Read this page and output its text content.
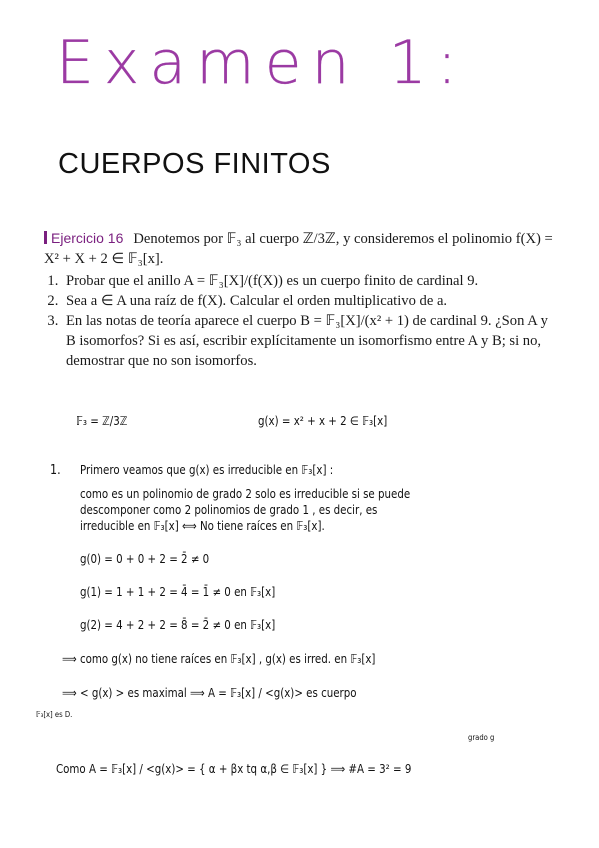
Examen 1:
CUERPOS FINITOS
Ejercicio 16 Denotemos por 𝔽₃ al cuerpo ℤ/3ℤ, y consideremos el polinomio f(X) = X² + X + 2 ∈ 𝔽₃[x].
1. Probar que el anillo A = 𝔽₃[X]/(f(X)) es un cuerpo finito de cardinal 9.
2. Sea a ∈ A una raíz de f(X). Calcular el orden multiplicativo de a.
3. En las notas de teoría aparece el cuerpo B = 𝔽₃[X]/(x² + 1) de cardinal 9. ¿Son A y B isomorfos? Si es así, escribir explícitamente un isomorfismo entre A y B; si no, demostrar que no son isomorfos.
𝔽₃ = ℤ/3ℤ	g(x) = x² + x + 2 ∈ 𝔽₃[x]
1. Primero veamos que g(x) es irreducible en 𝔽₃[x] :
como es un polinomio de grado 2 solo es irreducible si se puede
descomponer como 2 polinomios de grado 1 , es decir, es
irreducible en 𝔽₃[x] ⟺ No tiene raíces en 𝔽₃[x].
g(0) = 0 + 0 + 2 = 2̄ ≠ 0
g(1) = 1 + 1 + 2 = 4̄ = 1̄ ≠ 0 en 𝔽₃[x]
g(2) = 4 + 2 + 2 = 8̄ = 2̄ ≠ 0 en 𝔽₃[x]
⟹ como g(x) no tiene raíces en 𝔽₃[x] , g(x) es irred. en 𝔽₃[x]
⟹ < g(x) > es maximal ⟹ A = 𝔽₃[x] / <g(x)> es cuerpo
𝔽₃[x] es D.
grado g
Como A = 𝔽₃[x] / <g(x)> = { α + βx tq α,β ∈ 𝔽₃[x] } ⟹ #A = 3² = 9
